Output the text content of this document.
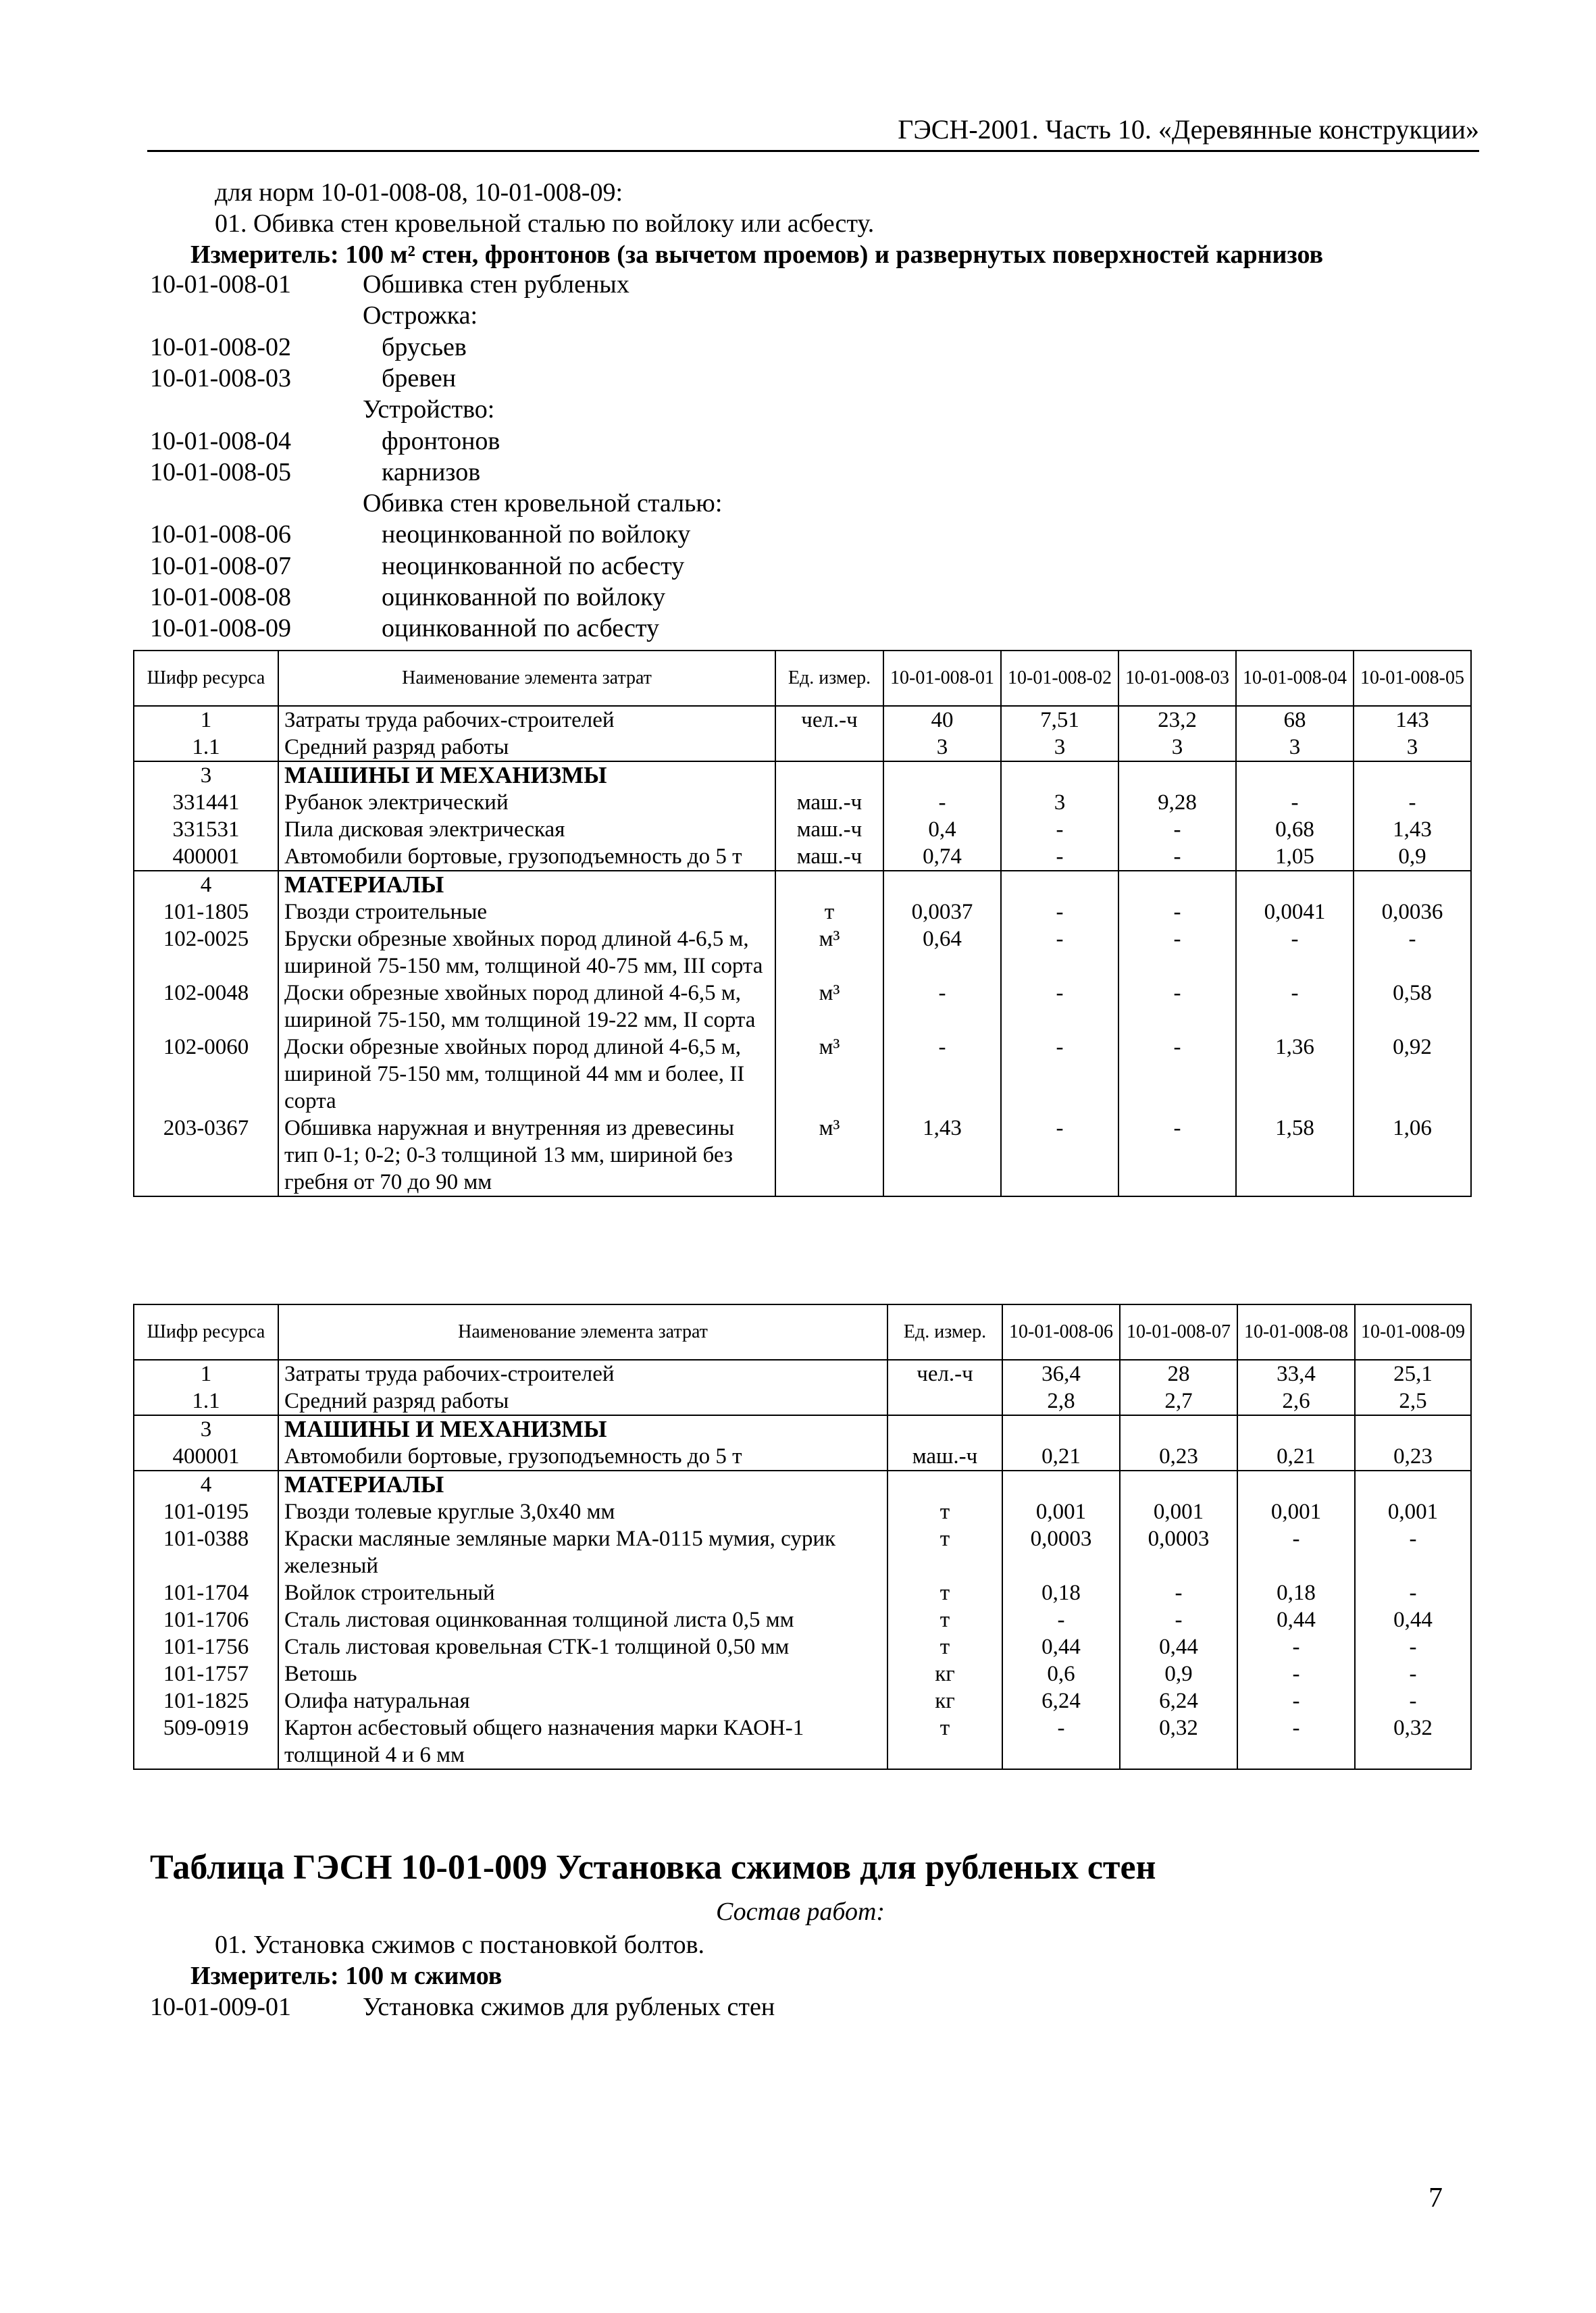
ГЭСН-2001. Часть 10. «Деревянные конструкции»
для норм 10-01-008-08, 10-01-008-09:
01. Обивка стен кровельной сталью по войлоку или асбесту.
Измеритель: 100 м² стен, фронтонов (за вычетом проемов) и развернутых поверхностей карнизов
10-01-008-01	Обшивка стен рубленых
Острожка:
10-01-008-02	брусьев
10-01-008-03	бревен
Устройство:
10-01-008-04	фронтонов
10-01-008-05	карнизов
Обивка стен кровельной сталью:
10-01-008-06	неоцинкованной по войлоку
10-01-008-07	неоцинкованной по асбесту
10-01-008-08	оцинкованной по войлоку
10-01-008-09	оцинкованной по асбесту
Шифр ресурса	Наименование элемента затрат	Ед. измер.	10-01-008-01	10-01-008-02	10-01-008-03	10-01-008-04	10-01-008-05
1	Затраты труда рабочих-строителей	чел.-ч	40	7,51	23,2	68	143
1.1	Средний разряд работы		3	3	3	3	3
3	МАШИНЫ И МЕХАНИЗМЫ						
331441	Рубанок электрический	маш.-ч	-	3	9,28	-	-
331531	Пила дисковая электрическая	маш.-ч	0,4	-	-	0,68	1,43
400001	Автомобили бортовые, грузоподъемность до 5 т	маш.-ч	0,74	-	-	1,05	0,9
4	МАТЕРИАЛЫ						
101-1805	Гвозди строительные	т	0,0037	-	-	0,0041	0,0036
102-0025	Бруски обрезные хвойных пород длиной 4-6,5 м, шириной 75-150 мм, толщиной 40-75 мм, III сорта	м³	0,64	-	-	-	-
102-0048	Доски обрезные хвойных пород длиной 4-6,5 м, шириной 75-150, мм толщиной 19-22 мм, II сорта	м³	-	-	-	-	0,58
102-0060	Доски обрезные хвойных пород длиной 4-6,5 м, шириной 75-150 мм, толщиной 44 мм и более, II сорта	м³	-	-	-	1,36	0,92
203-0367	Обшивка наружная и внутренняя из древесины тип 0-1; 0-2; 0-3 толщиной 13 мм, шириной без гребня от 70 до 90 мм	м³	1,43	-	-	1,58	1,06
Шифр ресурса	Наименование элемента затрат	Ед. измер.	10-01-008-06	10-01-008-07	10-01-008-08	10-01-008-09
1	Затраты труда рабочих-строителей	чел.-ч	36,4	28	33,4	25,1
1.1	Средний разряд работы		2,8	2,7	2,6	2,5
3	МАШИНЫ И МЕХАНИЗМЫ					
400001	Автомобили бортовые, грузоподъемность до 5 т	маш.-ч	0,21	0,23	0,21	0,23
4	МАТЕРИАЛЫ					
101-0195	Гвозди толевые круглые 3,0х40 мм	т	0,001	0,001	0,001	0,001
101-0388	Краски масляные земляные марки МА-0115 мумия, сурик железный	т	0,0003	0,0003	-	-
101-1704	Войлок строительный	т	0,18	-	0,18	-
101-1706	Сталь листовая оцинкованная толщиной листа 0,5 мм	т	-	-	0,44	0,44
101-1756	Сталь листовая кровельная СТК-1 толщиной 0,50 мм	т	0,44	0,44	-	-
101-1757	Ветошь	кг	0,6	0,9	-	-
101-1825	Олифа натуральная	кг	6,24	6,24	-	-
509-0919	Картон асбестовый общего назначения марки КАОН-1 толщиной 4 и 6 мм	т	-	0,32	-	0,32
Таблица ГЭСН 10-01-009 Установка сжимов для рубленых стен
Состав работ:
01. Установка сжимов с постановкой болтов.
Измеритель: 100 м сжимов
10-01-009-01	Установка сжимов для рубленых стен
7
